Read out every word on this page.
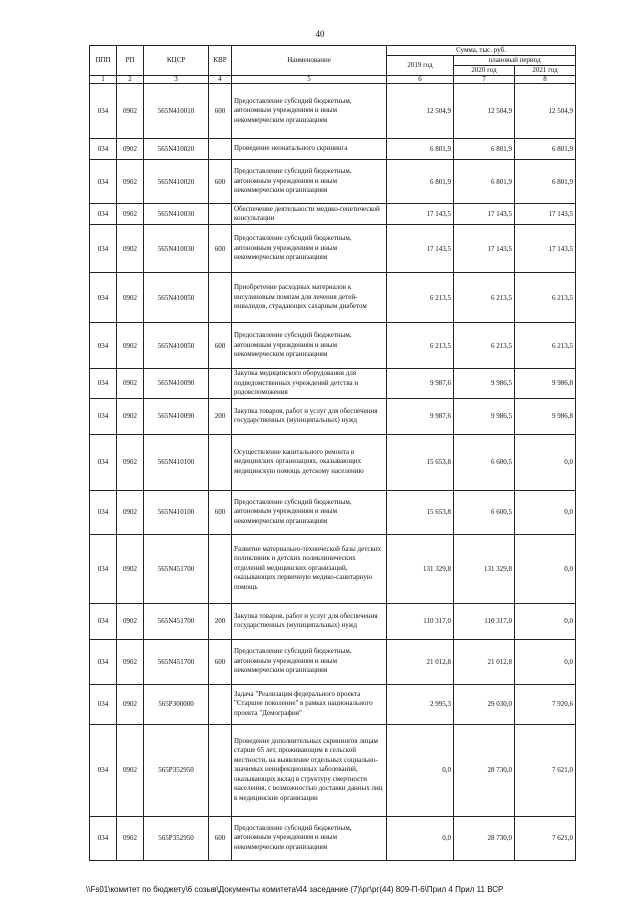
40
ППП	РП	КЦСР	КВР	Наименование	Сумма, тыс. руб.		
					2019 год	плановый период	
						2020 год	2021 год
1	2	3	4	5	6	7	8
034	0902	565N410010	600	Предоставление субсидий бюджетным, автономным учреждениям и иным некоммерческим организациям	12 504,9	12 504,9	12 504,9
034	0902	565N410020		Проведение неонатального скрининга	6 801,9	6 801,9	6 801,9
034	0902	565N410020	600	Предоставление субсидий бюджетным, автономным учреждениям и иным некоммерческим организациям	6 801,9	6 801,9	6 801,9
034	0902	565N410030		Обеспечение деятельности медико-генетической консультации	17 143,5	17 143,5	17 143,5
034	0902	565N410030	600	Предоставление субсидий бюджетным, автономным учреждениям и иным некоммерческим организациям	17 143,5	17 143,5	17 143,5
034	0902	565N410050		Приобретение расходных материалов к инсулиновым помпам для лечения детей-инвалидов, страдающих сахарным диабетом	6 213,5	6 213,5	6 213,5
034	0902	565N410050	600	Предоставление субсидий бюджетным, автономным учреждениям и иным некоммерческим организациям	6 213,5	6 213,5	6 213,5
034	0902	565N410090		Закупка медицинского оборудования для подведомственных учреждений детства и родовспоможения	9 987,6	9 986,5	9 986,8
034	0902	565N410090	200	Закупка товаров, работ и услуг для обеспечения государственных (муниципальных) нужд	9 987,6	9 986,5	9 986,8
034	0902	565N410100		Осуществление капитального ремонта в медицинских организациях, оказывающих медицинскую помощь детскому населению	15 653,8	6 600,5	0,0
034	0902	565N410100	600	Предоставление субсидий бюджетным, автономным учреждениям и иным некоммерческим организациям	15 653,8	6 600,5	0,0
034	0902	565N451700		Развитие материально-технической базы детских поликлиник и детских поликлинических отделений медицинских организаций, оказывающих первичную медико-санитарную помощь	131 329,8	131 329,8	0,0
034	0902	565N451700	200	Закупка товаров, работ и услуг для обеспечения государственных (муниципальных) нужд	110 317,0	110 317,0	0,0
034	0902	565N451700	600	Предоставление субсидий бюджетным, автономным учреждениям и иным некоммерческим организациям	21 012,8	21 012,8	0,0
034	0902	565P300000		Задача "Реализация федерального проекта "Старшее поколение" в рамках национального проекта "Демография"	2 995,3	29 030,0	7 920,6
034	0902	565P352950		Проведение дополнительных скринингов лицам старше 65 лет, проживающим в сельской местности, на выявление отдельных социально-значимых неинфекционных заболеваний, оказывающих вклад в структуру смертности населения, с возможностью доставки данных лиц в медицинские организации	0,0	28 730,0	7 621,0
034	0902	565P352950	600	Предоставление субсидий бюджетным, автономным учреждениям и иным некоммерческим организациям	0,0	28 730,0	7 621,0
\\Fs01\комитет по бюджету\6 созыв\Документы комитета\44 заседание (7)\рг\рг(44) 809-П-6\Прил 4 Прил 11 ВСР
